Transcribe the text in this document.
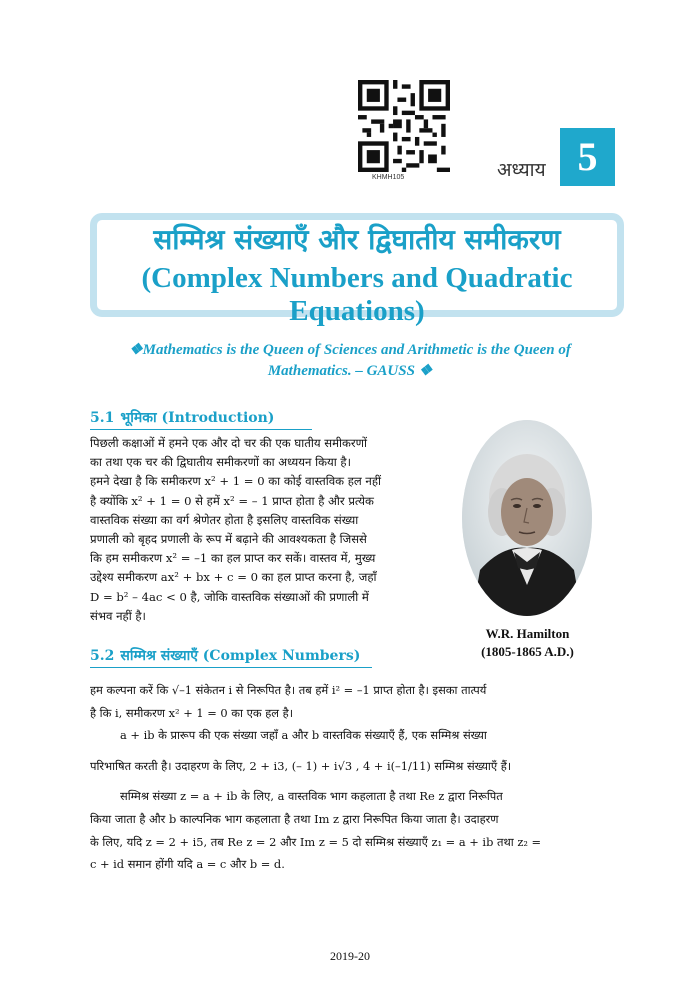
KHMH105	अध्याय 5
सम्मिश्र संख्याएँ और द्विघातीय समीकरण
(Complex Numbers and Quadratic Equations)
❖Mathematics is the Queen of Sciences and Arithmetic is the Queen of
Mathematics. – GAUSS ❖
5.1 भूमिका (Introduction)
पिछली कक्षाओं में हमने एक और दो चर की एक घातीय समीकरणों
का तथा एक चर की द्विघातीय समीकरणों का अध्ययन किया है।
हमने देखा है कि समीकरण x² + 1 = 0 का कोई वास्तविक हल नहीं
है क्योंकि x² + 1 = 0 से हमें x² = – 1 प्राप्त होता है और प्रत्येक
वास्तविक संख्या का वर्ग श्रेणेतर होता है इसलिए वास्तविक संख्या
प्रणाली को बृहद प्रणाली के रूप में बढ़ाने की आवश्यकता है जिससे
कि हम समीकरण x² = –1 का हल प्राप्त कर सकें। वास्तव में, मुख्य
उद्देश्य समीकरण ax² + bx + c = 0 का हल प्राप्त करना है, जहाँ
D = b² – 4ac < 0 है, जोकि वास्तविक संख्याओं की प्रणाली में
संभव नहीं है।
W.R. Hamilton
(1805-1865 A.D.)
5.2 सम्मिश्र संख्याएँ (Complex Numbers)
हम कल्पना करें कि √–1 संकेतन i से निरूपित है। तब हमें i² = –1 प्राप्त होता है। इसका तात्पर्य
है कि i, समीकरण x² + 1 = 0 का एक हल है।
a + ib के प्रारूप की एक संख्या जहाँ a और b वास्तविक संख्याएँ हैं, एक सम्मिश्र संख्या
परिभाषित करती है। उदाहरण के लिए, 2 + i3, (– 1) + i√3 , 4 + i(–1/11) सम्मिश्र संख्याएँ हैं।
सम्मिश्र संख्या z = a + ib के लिए, a वास्तविक भाग कहलाता है तथा Re z द्वारा निरूपित
किया जाता है और b काल्पनिक भाग कहलाता है तथा Im z द्वारा निरूपित किया जाता है। उदाहरण
के लिए, यदि z = 2 + i5, तब Re z = 2 और Im z = 5 दो सम्मिश्र संख्याएँ z₁ = a + ib तथा z₂ =
c + id समान होंगी यदि a = c और b = d.
2019-20
